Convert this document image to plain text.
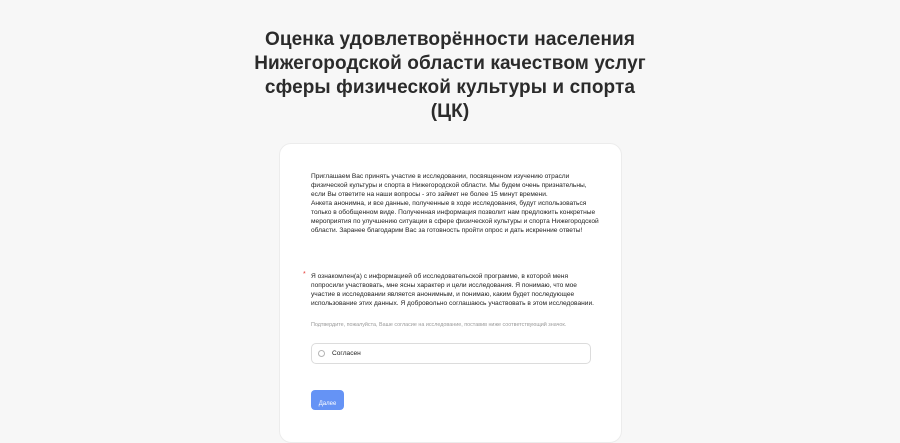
Оценка удовлетворённости населения Нижегородской области качеством услуг сферы физической культуры и спорта (ЦК)

Приглашаем Вас принять участие в исследовании, посвященном изучению отрасли физической культуры и спорта в Нижегородской области. Мы будем очень признательны, если Вы ответите на наши вопросы - это займет не более 15 минут времени.
Анкета анонимна, и все данные, полученные в ходе исследования, будут использоваться только в обобщенном виде. Полученная информация позволит нам предложить конкретные мероприятия по улучшению ситуации в сфере физической культуры и спорта Нижегородской области. Заранее благодарим Вас за готовность пройти опрос и дать искренние ответы!

* Я ознакомлен(а) с информацией об исследовательской программе, в которой меня попросили участвовать, мне ясны характер и цели исследования. Я понимаю, что мое участие в исследовании является анонимным, и понимаю, каким будет последующее использование этих данных. Я добровольно соглашаюсь участвовать в этом исследовании.

Подтвердите, пожалуйста, Ваше согласие на исследование, поставив ниже соответствующий значок.

Согласен
Далее
